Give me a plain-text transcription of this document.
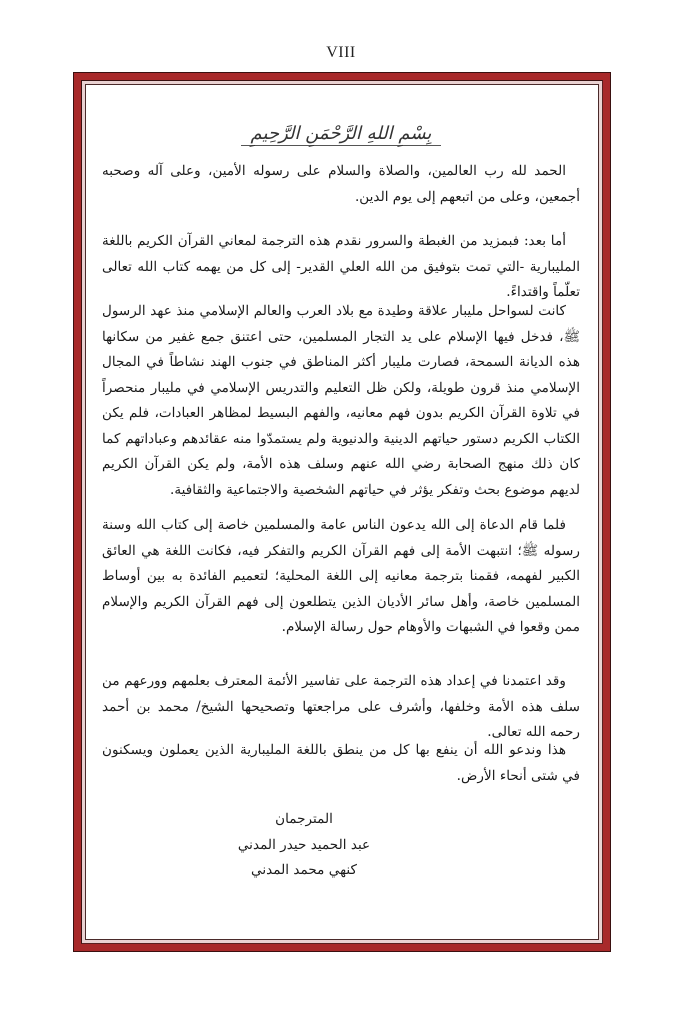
VIII
بِسْمِ اللهِ الرَّحْمَنِ الرَّحِيمِ
الحمد لله رب العالمين، والصلاة والسلام على رسوله الأمين، وعلى آله وصحبه أجمعين، وعلى من اتبعهم إلى يوم الدين.
أما بعد: فبمزيد من الغبطة والسرور نقدم هذه الترجمة لمعاني القرآن الكريم باللغة المليبارية -التي تمت بتوفيق من الله العلي القدير- إلى كل من يهمه كتاب الله تعالى تعلّماً واقتداءً.
كانت لسواحل مليبار علاقة وطيدة مع بلاد العرب والعالم الإسلامي منذ عهد الرسول ﷺ، فدخل فيها الإسلام على يد التجار المسلمين، حتى اعتنق جمع غفير من سكانها هذه الديانة السمحة، فصارت مليبار أكثر المناطق في جنوب الهند نشاطاً في المجال الإسلامي منذ قرون طويلة، ولكن ظل التعليم والتدريس الإسلامي في مليبار منحصراً في تلاوة القرآن الكريم بدون فهم معانيه، والفهم البسيط لمظاهر العبادات، فلم يكن الكتاب الكريم دستور حياتهم الدينية والدنيوية ولم يستمدّوا منه عقائدهم وعباداتهم كما كان ذلك منهج الصحابة رضي الله عنهم وسلف هذه الأمة، ولم يكن القرآن الكريم لديهم موضوع بحث وتفكر يؤثر في حياتهم الشخصية والاجتماعية والثقافية.
فلما قام الدعاة إلى الله يدعون الناس عامة والمسلمين خاصة إلى كتاب الله وسنة رسوله ﷺ؛ انتبهت الأمة إلى فهم القرآن الكريم والتفكر فيه، فكانت اللغة هي العائق الكبير لفهمه، فقمنا بترجمة معانيه إلى اللغة المحلية؛ لتعميم الفائدة به بين أوساط المسلمين خاصة، وأهل سائر الأديان الذين يتطلعون إلى فهم القرآن الكريم والإسلام ممن وقعوا في الشبهات والأوهام حول رسالة الإسلام.
وقد اعتمدنا في إعداد هذه الترجمة على تفاسير الأئمة المعترف بعلمهم وورعهم من سلف هذه الأمة وخلفها، وأشرف على مراجعتها وتصحيحها الشيخ/ محمد بن أحمد رحمه الله تعالى.
هذا وندعو الله أن ينفع بها كل من ينطق باللغة المليبارية الذين يعملون ويسكنون في شتى أنحاء الأرض.
المترجمان
عبد الحميد حيدر المدني
كنهي محمد المدني
